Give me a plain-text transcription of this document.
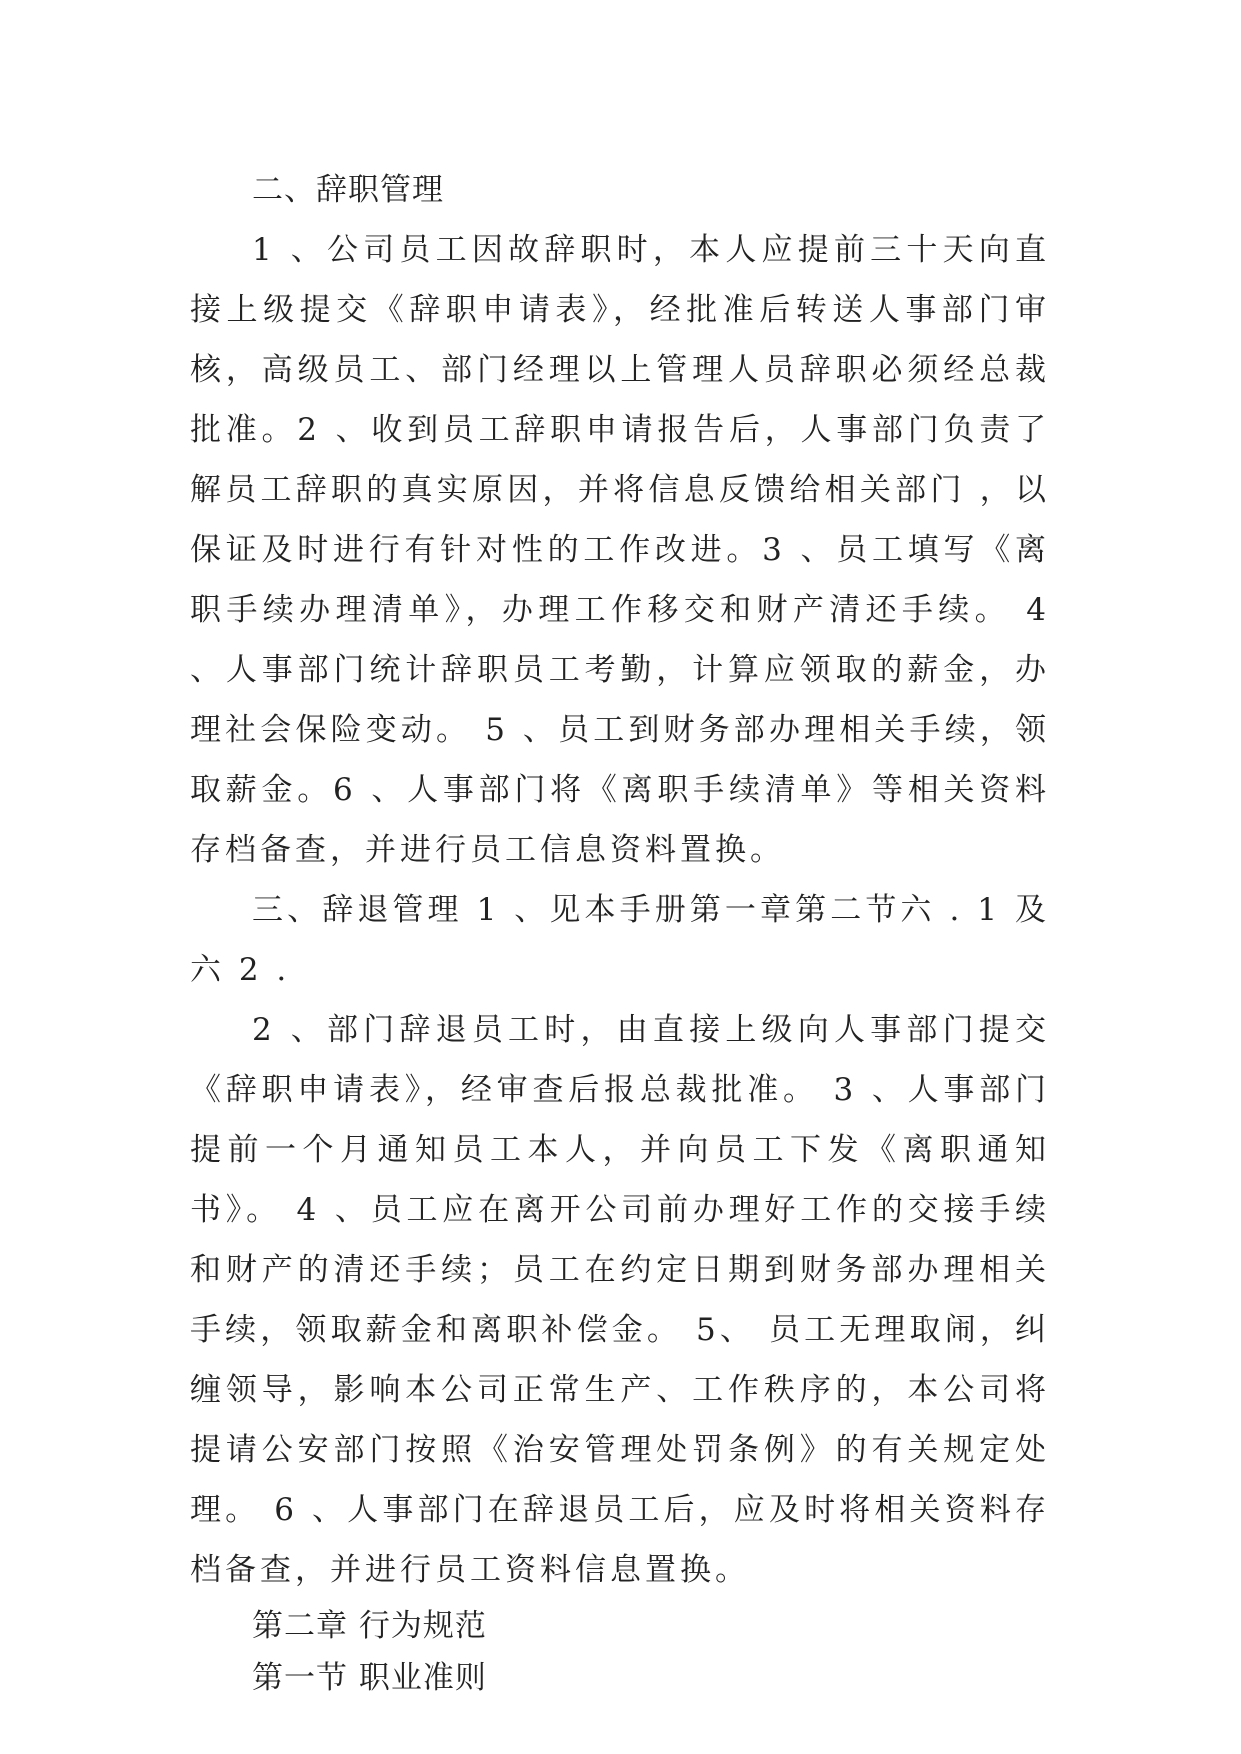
二、辞职管理

1 、公司员工因故辞职时，本人应提前三十天向直接上级提交《辞职申请表》，经批准后转送人事部门审核，高级员工、部门经理以上管理人员辞职必须经总裁批准。2 、收到员工辞职申请报告后，人事部门负责了解员工辞职的真实原因，并将信息反馈给相关部门 ，以保证及时进行有针对性的工作改进。3 、员工填写《离职手续办理清单》，办理工作移交和财产清还手续。 4 、人事部门统计辞职员工考勤，计算应领取的薪金，办理社会保险变动。 5 、员工到财务部办理相关手续，领取薪金。6 、人事部门将《离职手续清单》等相关资料存档备查，并进行员工信息资料置换。

三、辞退管理 1 、见本手册第一章第二节六 . 1 及六 2 .

2 、部门辞退员工时，由直接上级向人事部门提交《辞职申请表》，经审查后报总裁批准。 3 、人事部门提前一个月通知员工本人，并向员工下发《离职通知书》。 4 、员工应在离开公司前办理好工作的交接手续和财产的清还手续；员工在约定日期到财务部办理相关手续，领取薪金和离职补偿金。 5、 员工无理取闹，纠缠领导，影响本公司正常生产、工作秩序的，本公司将提请公安部门按照《治安管理处罚条例》的有关规定处理。 6 、人事部门在辞退员工后，应及时将相关资料存档备查，并进行员工资料信息置换。

第二章 行为规范

第一节 职业准则
